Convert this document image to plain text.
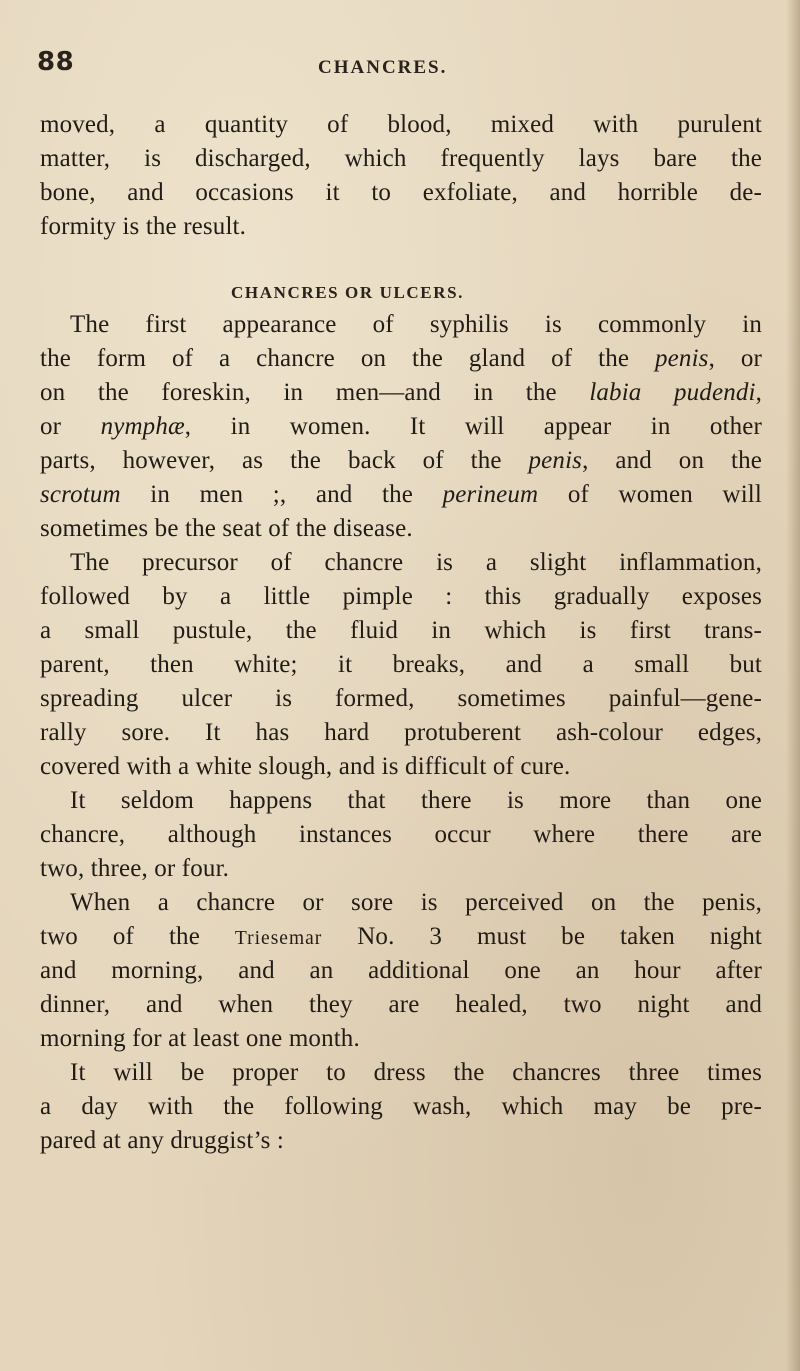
88	CHANCRES.

moved, a quantity of blood, mixed with purulent

matter, is discharged, which frequently lays bare the

bone, and occasions it to exfoliate, and horrible de-

formity is the result.

CHANCRES OR ULCERS.

The first appearance of syphilis is commonly in

the form of a chancre on the gland of the penis, or

on the foreskin, in men—and in the labia pudendi,

or nymphæ, in women. It will appear in other

parts, however, as the back of the penis, and on the

scrotum in men ;, and the perineum of women will

sometimes be the seat of the disease.

The precursor of chancre is a slight inflammation,

followed by a little pimple : this gradually exposes

a small pustule, the fluid in which is first trans-

parent, then white; it breaks, and a small but

spreading ulcer is formed, sometimes painful—gene-

rally sore. It has hard protuberent ash-colour edges,

covered with a white slough, and is difficult of cure.

It seldom happens that there is more than one

chancre, although instances occur where there are

two, three, or four.

When a chancre or sore is perceived on the penis,

two of the Triesemar No. 3 must be taken night

and morning, and an additional one an hour after

dinner, and when they are healed, two night and

morning for at least one month.

It will be proper to dress the chancres three times

a day with the following wash, which may be pre-

pared at any druggist’s :
